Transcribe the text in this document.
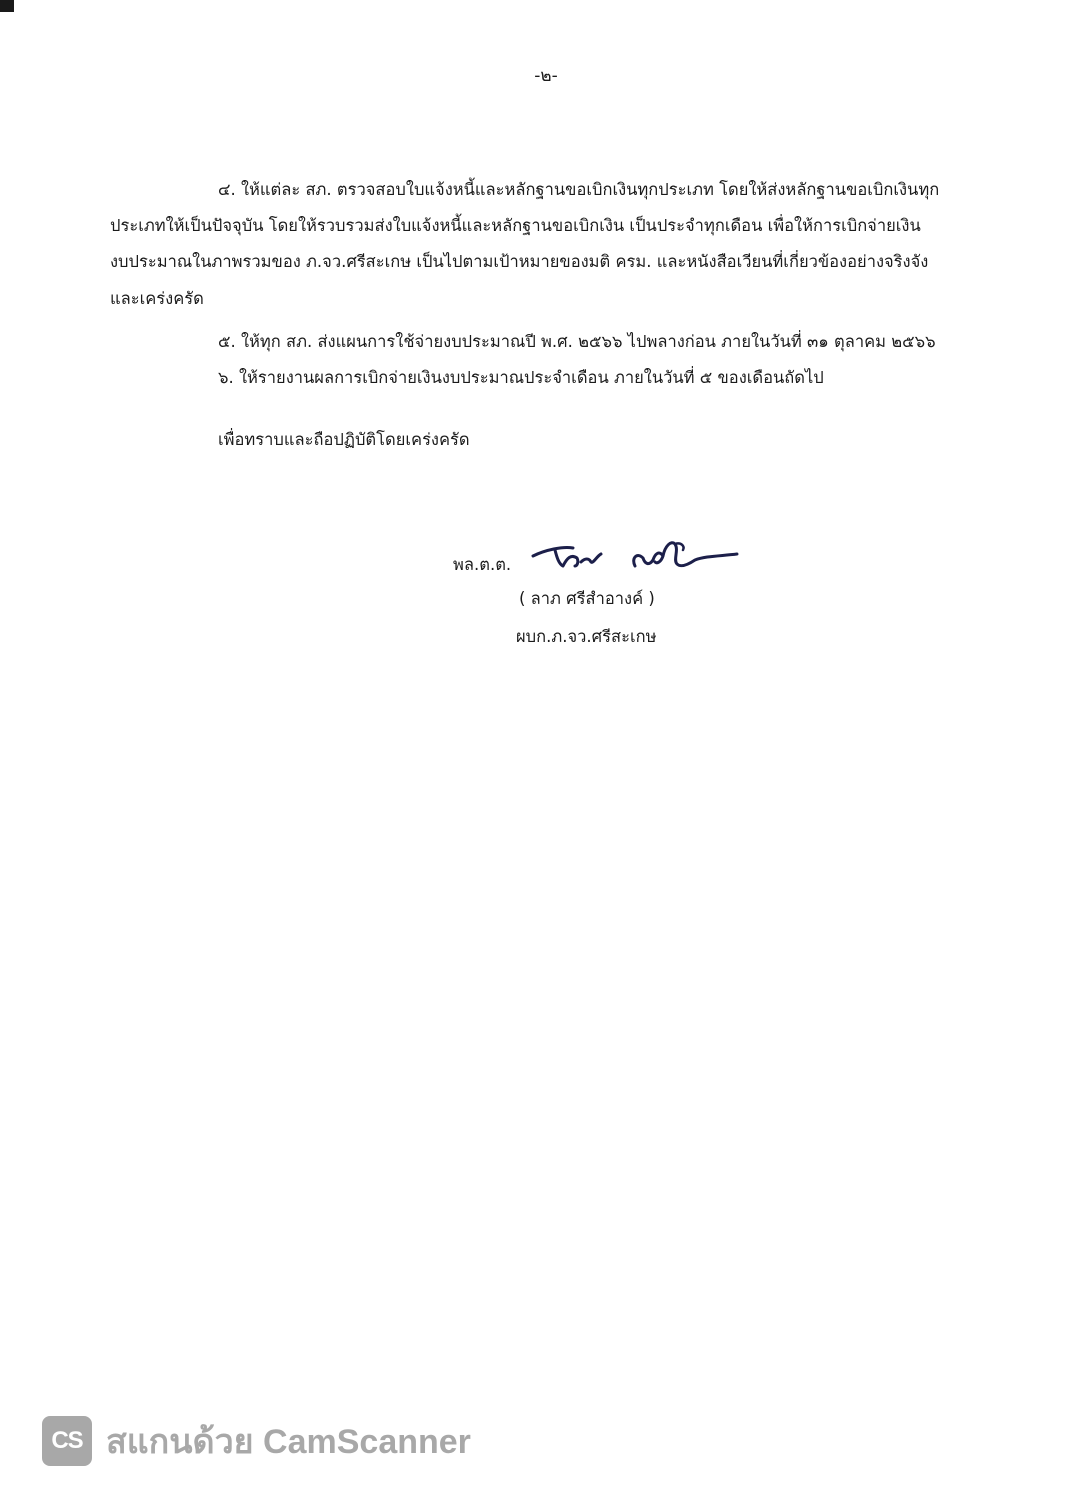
-๒-
๔. ให้แต่ละ สภ. ตรวจสอบใบแจ้งหนี้และหลักฐานขอเบิกเงินทุกประเภท โดยให้ส่งหลักฐานขอเบิกเงินทุก
ประเภทให้เป็นปัจจุบัน โดยให้รวบรวมส่งใบแจ้งหนี้และหลักฐานขอเบิกเงิน เป็นประจำทุกเดือน เพื่อให้การเบิกจ่ายเงิน
งบประมาณในภาพรวมของ ภ.จว.ศรีสะเกษ เป็นไปตามเป้าหมายของมติ ครม. และหนังสือเวียนที่เกี่ยวข้องอย่างจริงจัง
และเคร่งครัด
๕. ให้ทุก สภ. ส่งแผนการใช้จ่ายงบประมาณปี พ.ศ. ๒๕๖๖ ไปพลางก่อน ภายในวันที่ ๓๑ ตุลาคม ๒๕๖๖
๖. ให้รายงานผลการเบิกจ่ายเงินงบประมาณประจำเดือน ภายในวันที่ ๕ ของเดือนถัดไป
เพื่อทราบและถือปฏิบัติโดยเคร่งครัด
พล.ต.ต.
( ลาภ ศรีสำอางค์ )
ผบก.ภ.จว.ศรีสะเกษ
CS สแกนด้วย CamScanner
